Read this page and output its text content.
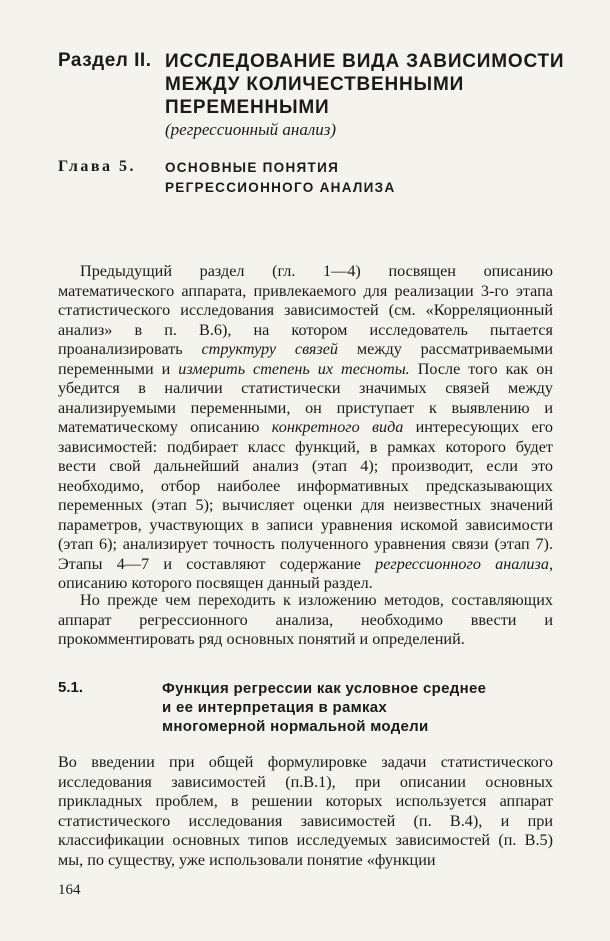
Раздел II. ИССЛЕДОВАНИЕ ВИДА ЗАВИСИМОСТИ
МЕЖДУ КОЛИЧЕСТВЕННЫМИ
ПЕРЕМЕННЫМИ
(регрессионный анализ)
Глава 5. ОСНОВНЫЕ ПОНЯТИЯ
РЕГРЕССИОННОГО АНАЛИЗА

Предыдущий раздел (гл. 1—4) посвящен описанию математического аппарата, привлекаемого для реализации 3-го этапа статистического исследования зависимостей (см. «Корреляционный анализ» в п. В.6), на котором исследователь пытается проанализировать структуру связей между рассматриваемыми переменными и измерить степень их тесноты. После того как он убедится в наличии статистически значимых связей между анализируемыми переменными, он приступает к выявлению и математическому описанию конкретного вида интересующих его зависимостей: подбирает класс функций, в рамках которого будет вести свой дальнейший анализ (этап 4); производит, если это необходимо, отбор наиболее информативных предсказывающих переменных (этап 5); вычисляет оценки для неизвестных значений параметров, участвующих в записи уравнения искомой зависимости (этап 6); анализирует точность полученного уравнения связи (этап 7). Этапы 4—7 и составляют содержание регрессионного анализа, описанию которого посвящен данный раздел.

Но прежде чем переходить к изложению методов, составляющих аппарат регрессионного анализа, необходимо ввести и прокомментировать ряд основных понятий и определений.

5.1.	Функция регрессии как условное среднее
и ее интерпретация в рамках
многомерной нормальной модели

Во введении при общей формулировке задачи статистического исследования зависимостей (п.В.1), при описании основных прикладных проблем, в решении которых используется аппарат статистического исследования зависимостей (п. В.4), и при классификации основных типов исследуемых зависимостей (п. В.5) мы, по существу, уже использовали понятие «функции

164
